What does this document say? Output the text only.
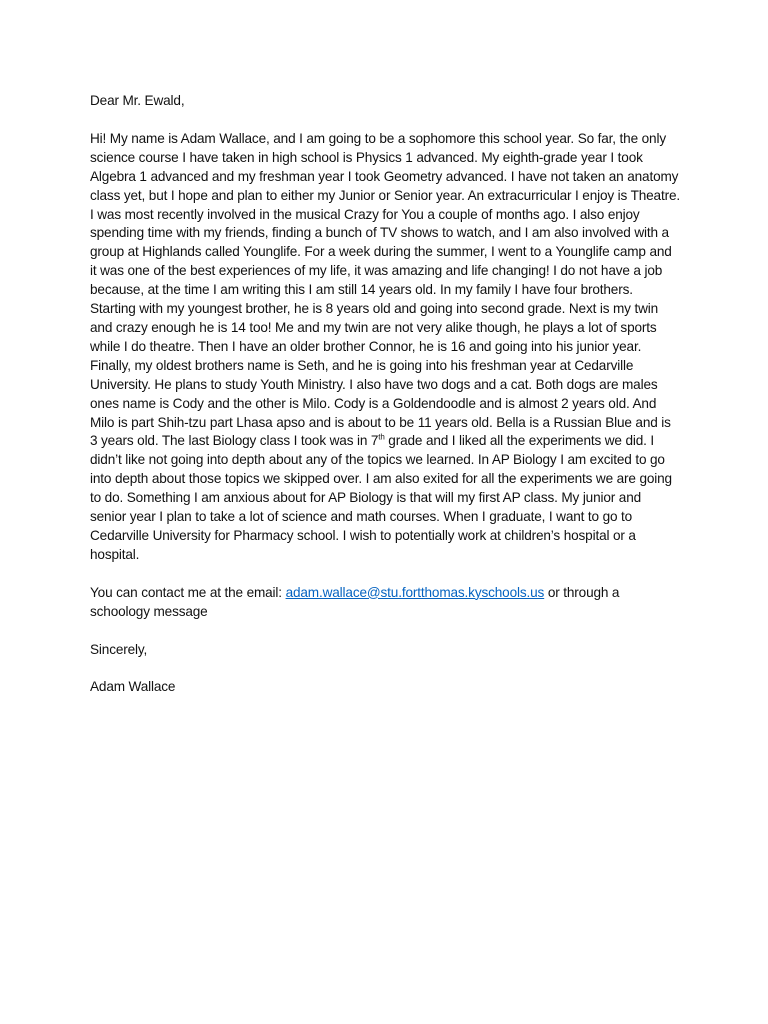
Dear Mr. Ewald,

Hi! My name is Adam Wallace, and I am going to be a sophomore this school year. So far, the only science course I have taken in high school is Physics 1 advanced. My eighth-grade year I took Algebra 1 advanced and my freshman year I took Geometry advanced. I have not taken an anatomy class yet, but I hope and plan to either my Junior or Senior year. An extracurricular I enjoy is Theatre. I was most recently involved in the musical Crazy for You a couple of months ago. I also enjoy spending time with my friends, finding a bunch of TV shows to watch, and I am also involved with a group at Highlands called Younglife. For a week during the summer, I went to a Younglife camp and it was one of the best experiences of my life, it was amazing and life changing! I do not have a job because, at the time I am writing this I am still 14 years old. In my family I have four brothers. Starting with my youngest brother, he is 8 years old and going into second grade. Next is my twin and crazy enough he is 14 too! Me and my twin are not very alike though, he plays a lot of sports while I do theatre. Then I have an older brother Connor, he is 16 and going into his junior year. Finally, my oldest brothers name is Seth, and he is going into his freshman year at Cedarville University. He plans to study Youth Ministry. I also have two dogs and a cat. Both dogs are males ones name is Cody and the other is Milo. Cody is a Goldendoodle and is almost 2 years old. And Milo is part Shih-tzu part Lhasa apso and is about to be 11 years old. Bella is a Russian Blue and is 3 years old. The last Biology class I took was in 7th grade and I liked all the experiments we did. I didn’t like not going into depth about any of the topics we learned. In AP Biology I am excited to go into depth about those topics we skipped over. I am also exited for all the experiments we are going to do. Something I am anxious about for AP Biology is that will my first AP class. My junior and senior year I plan to take a lot of science and math courses. When I graduate, I want to go to Cedarville University for Pharmacy school. I wish to potentially work at children’s hospital or a hospital.

You can contact me at the email: adam.wallace@stu.fortthomas.kyschools.us or through a schoology message

Sincerely,

Adam Wallace
